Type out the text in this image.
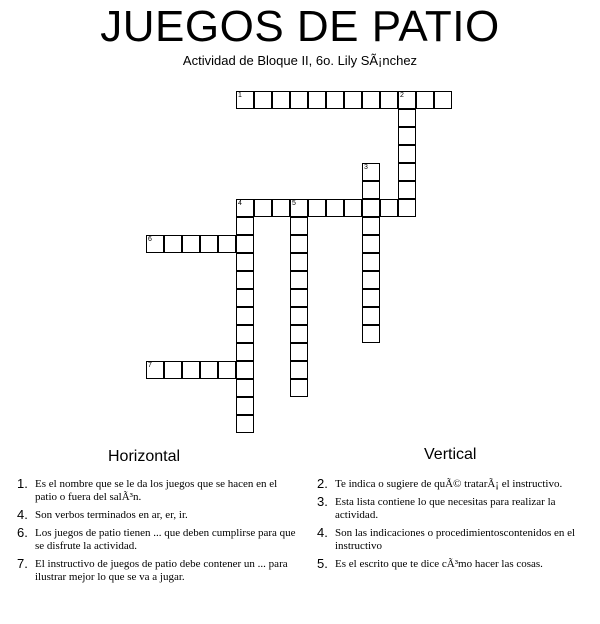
JUEGOS DE PATIO
Actividad de Bloque II, 6o. Lily SÃ¡nchez
1	2
3
4	5
6
7
Horizontal	Vertical
1. Es el nombre que se le da los juegos que se hacen en el patio o fuera del salÃ³n.
4. Son verbos terminados en ar, er, ir.
6. Los juegos de patio tienen ... que deben cumplirse para que se disfrute la actividad.
7. El instructivo de juegos de patio debe contener un ... para ilustrar mejor lo que se va a jugar.
2. Te indica o sugiere de quÃ© tratarÃ¡ el instructivo.
3. Esta lista contiene lo que necesitas para realizar la actividad.
4. Son las indicaciones o procedimientoscontenidos en el instructivo
5. Es el escrito que te dice cÃ³mo hacer las cosas.
